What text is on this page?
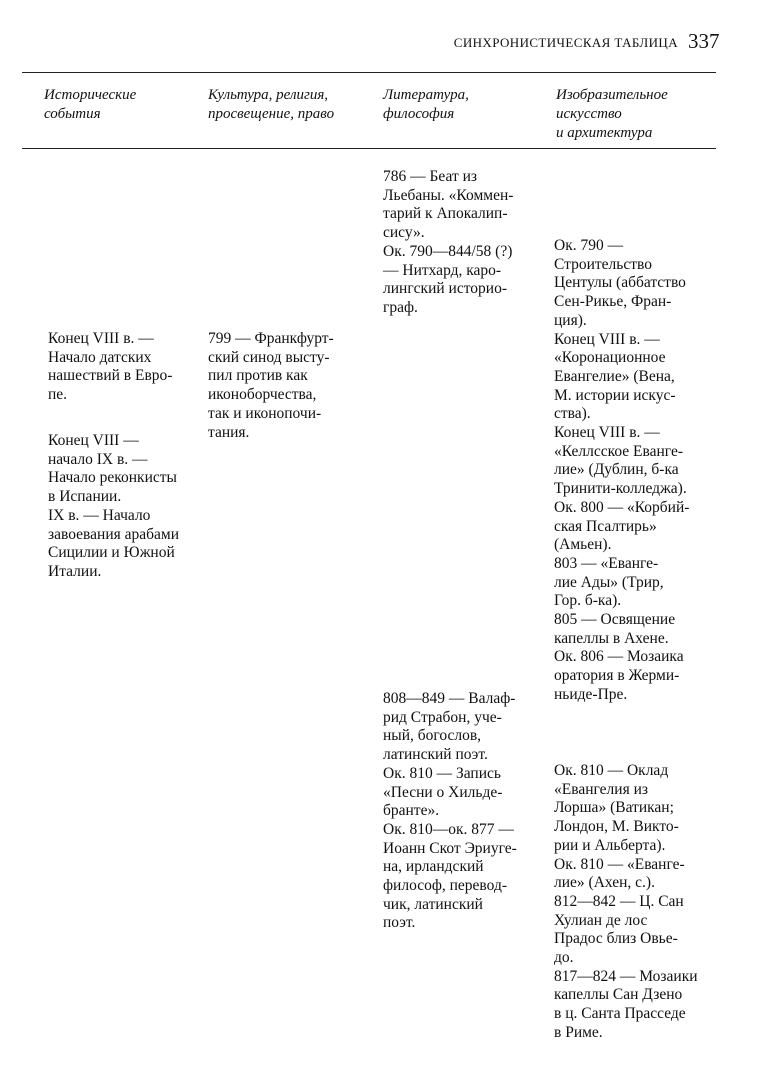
СИНХРОНИСТИЧЕСКАЯ ТАБЛИЦА 337
Исторические
события
Культура, религия,
просвещение, право
Литература,
философия
Изобразительное
искусство
и архитектура
Конец VIII в. —
Начало датских
нашествий в Евро-
пе.
Конец VIII —
начало IX в. —
Начало реконкисты
в Испании.
IX в. — Начало
завоевания арабами
Сицилии и Южной
Италии.
799 — Франкфурт-
ский синод высту-
пил против как
иконоборчества,
так и иконопочи-
тания.
786 — Беат из
Льебаны. «Коммен-
тарий к Апокалип-
сису».
Ок. 790—844/58 (?)
— Нитхард, каро-
лингский историо-
граф.
808—849 — Валаф-
рид Страбон, уче-
ный, богослов,
латинский поэт.
Ок. 810 — Запись
«Песни о Хильде-
бранте».
Ок. 810—ок. 877 —
Иоанн Скот Эриуге-
на, ирландский
философ, перевод-
чик, латинский
поэт.
Ок. 790 —
Строительство
Центулы (аббатство
Сен-Рикье, Фран-
ция).
Конец VIII в. —
«Коронационное
Евангелие» (Вена,
М. истории искус-
ства).
Конец VIII в. —
«Келлсское Еванге-
лие» (Дублин, б-ка
Тринити-колледжа).
Ок. 800 — «Корбий-
ская Псалтирь»
(Амьен).
803 — «Еванге-
лие Ады» (Трир,
Гор. б-ка).
805 — Освящение
капеллы в Ахене.
Ок. 806 — Мозаика
оратория в Жерми-
ньиде-Пре.
Ок. 810 — Оклад
«Евангелия из
Лорша» (Ватикан;
Лондон, М. Викто-
рии и Альберта).
Ок. 810 — «Еванге-
лие» (Ахен, с.).
812—842 — Ц. Сан
Хулиан де лос
Прадос близ Овье-
до.
817—824 — Мозаики
капеллы Сан Дзено
в ц. Санта Прасседе
в Риме.
